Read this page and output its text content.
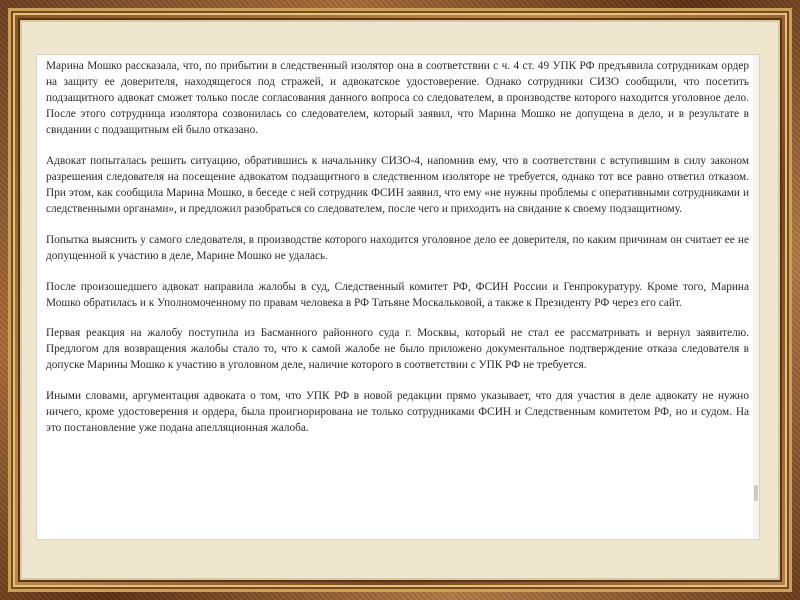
Марина Мошко рассказала, что, по прибытии в следственный изолятор она в соответствии с ч. 4 ст. 49 УПК РФ предъявила сотрудникам ордер на защиту ее доверителя, находящегося под стражей, и адвокатское удостоверение. Однако сотрудники СИЗО сообщили, что посетить подзащитного адвокат сможет только после согласования данного вопроса со следователем, в производстве которого находится уголовное дело. После этого сотрудница изолятора созвонилась со следователем, который заявил, что Марина Мошко не допущена в дело, и в результате в свидании с подзащитным ей было отказано.

Адвокат попыталась решить ситуацию, обратившись к начальнику СИЗО-4, напомнив ему, что в соответствии с вступившим в силу законом разрешения следователя на посещение адвокатом подзащитного в следственном изоляторе не требуется, однако тот все равно ответил отказом. При этом, как сообщила Марина Мошко, в беседе с ней сотрудник ФСИН заявил, что ему «не нужны проблемы с оперативными сотрудниками и следственными органами», и предложил разобраться со следователем, после чего и приходить на свидание к своему подзащитному.

Попытка выяснить у самого следователя, в производстве которого находится уголовное дело ее доверителя, по каким причинам он считает ее не допущенной к участию в деле, Марине Мошко не удалась.

После произошедшего адвокат направила жалобы в суд, Следственный комитет РФ, ФСИН России и Генпрокуратуру. Кроме того, Марина Мошко обратилась и к Уполномоченному по правам человека в РФ Татьяне Москальковой, а также к Президенту РФ через его сайт.

Первая реакция на жалобу поступила из Басманного районного суда г. Москвы, который не стал ее рассматривать и вернул заявителю. Предлогом для возвращения жалобы стало то, что к самой жалобе не было приложено документальное подтверждение отказа следователя в допуске Марины Мошко к участию в уголовном деле, наличие которого в соответствии с УПК РФ не требуется.

Иными словами, аргументация адвоката о том, что УПК РФ в новой редакции прямо указывает, что для участия в деле адвокату не нужно ничего, кроме удостоверения и ордера, была проигнорирована не только сотрудниками ФСИН и Следственным комитетом РФ, но и судом. На это постановление уже подана апелляционная жалоба.
